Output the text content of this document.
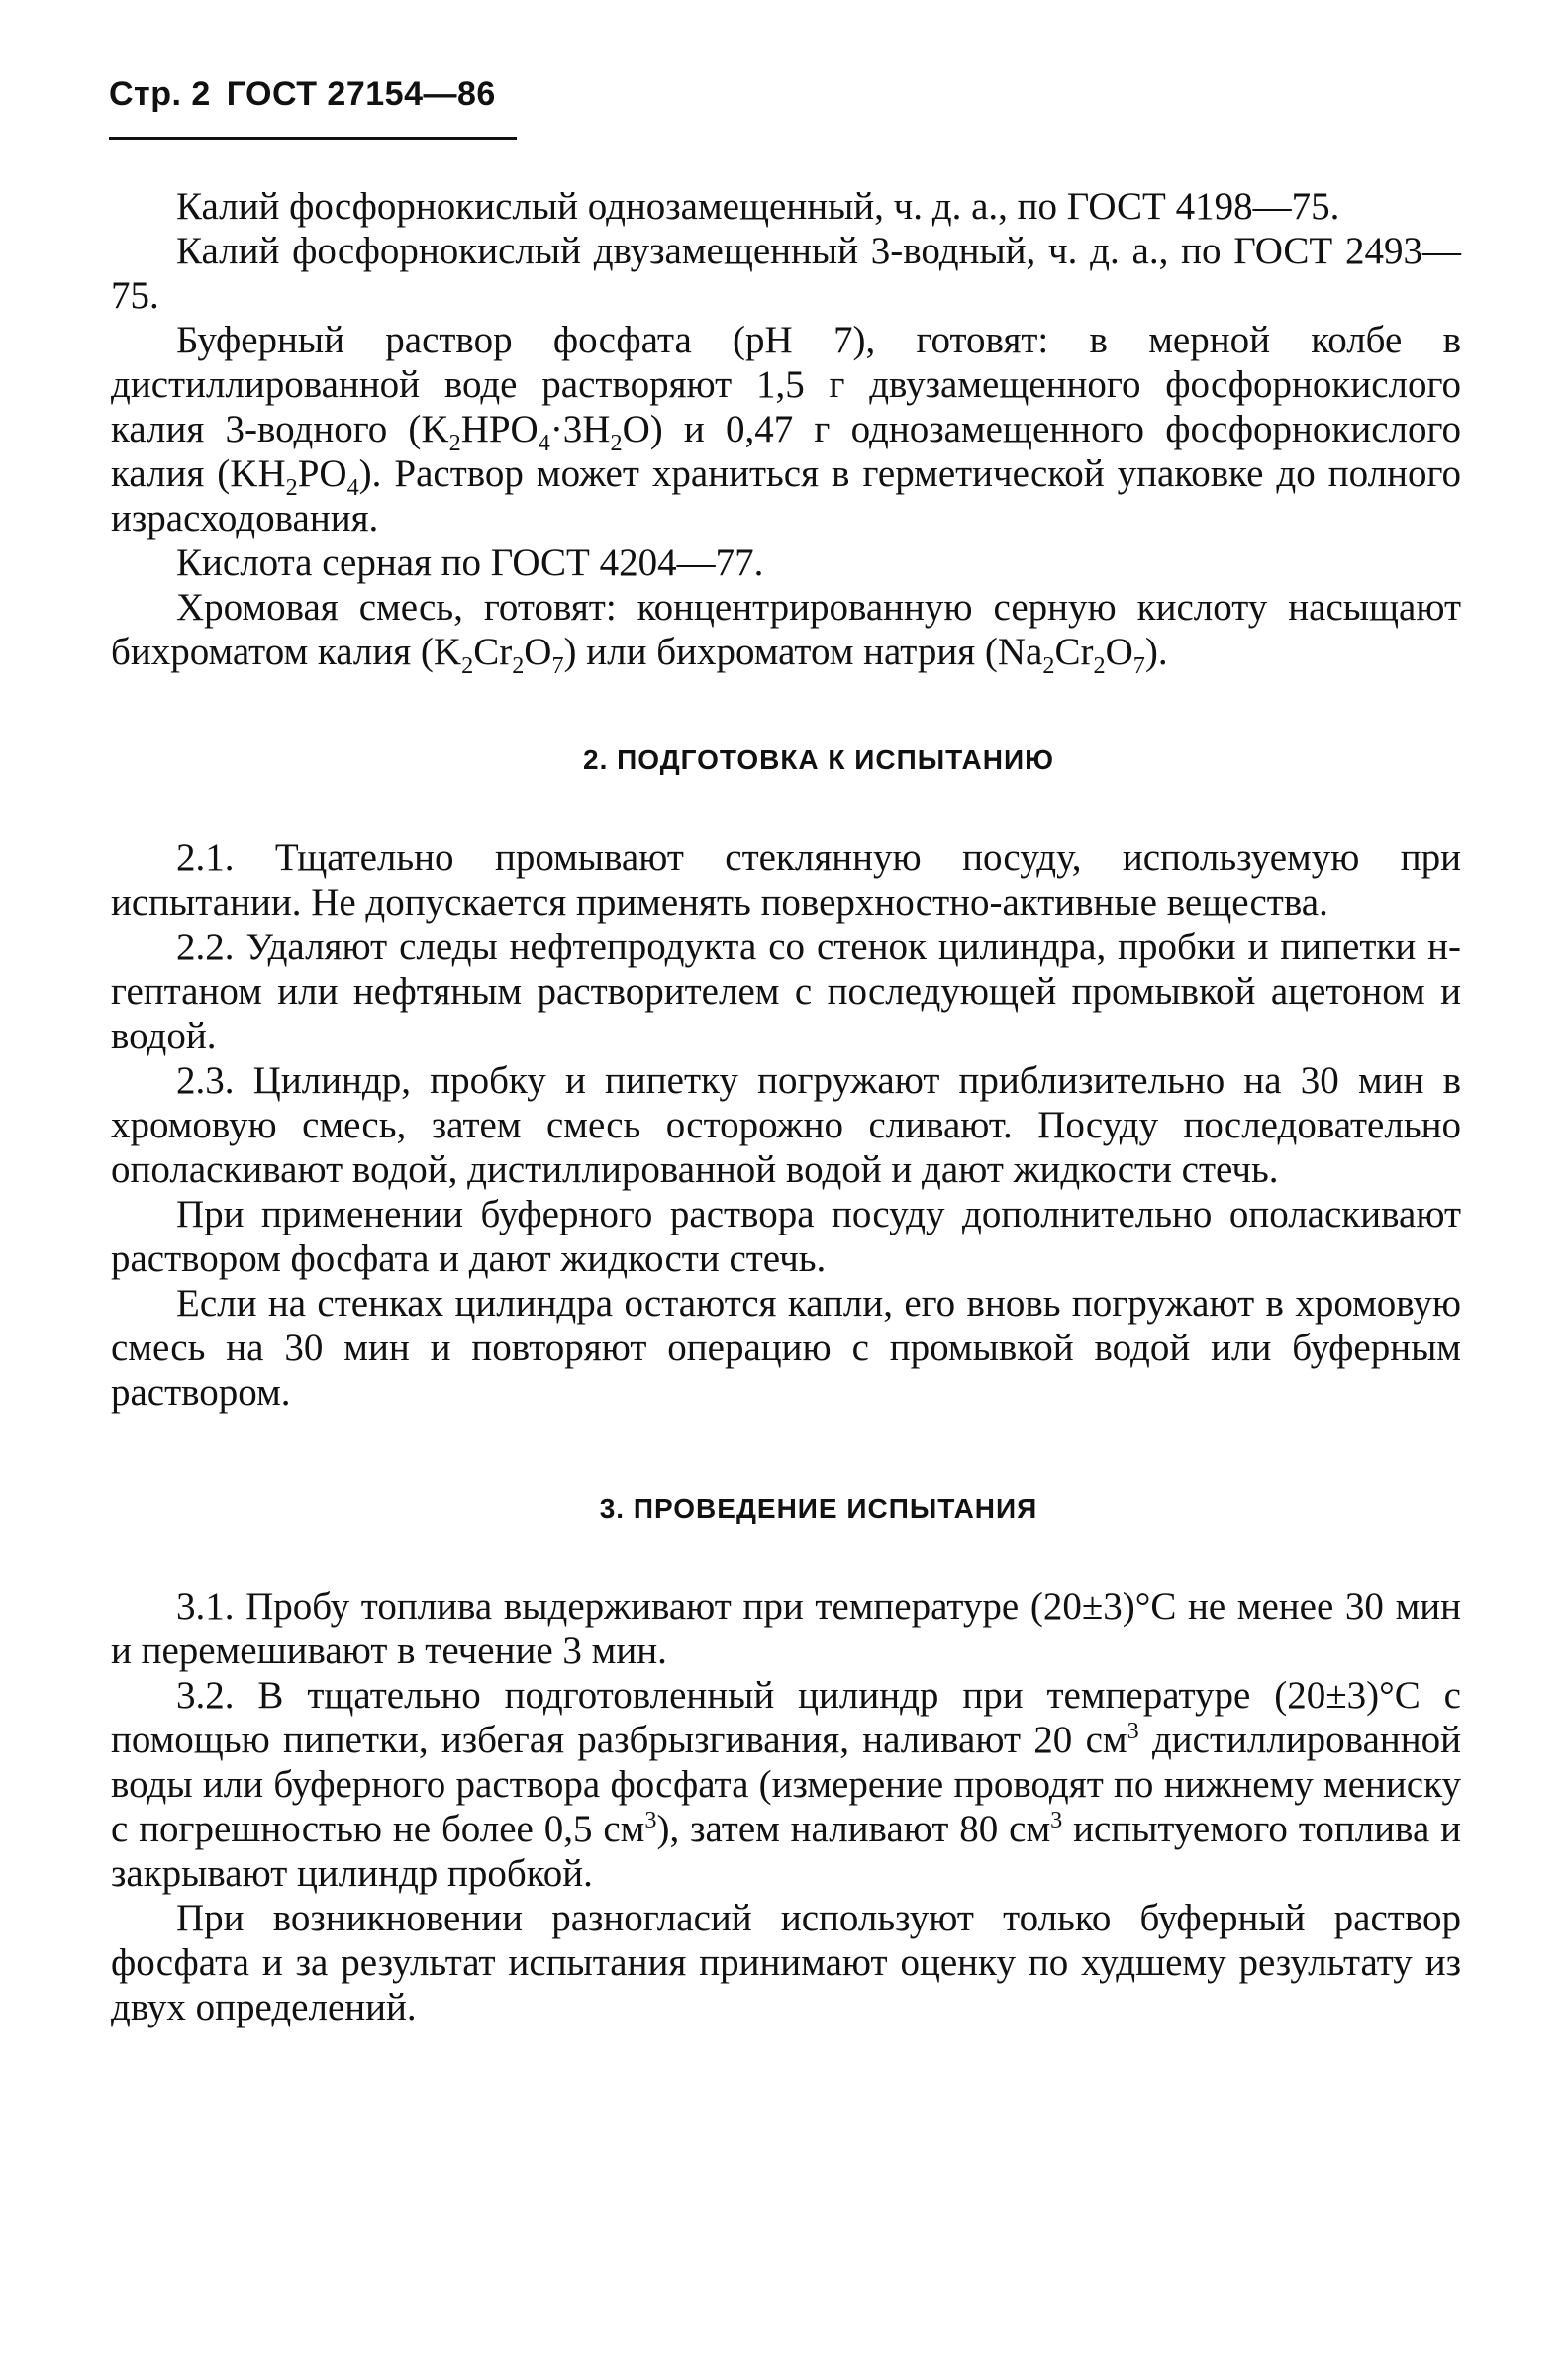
Стр. 2 ГОСТ 27154—86

Калий фосфорнокислый однозамещенный, ч. д. а., по ГОСТ 4198—75.

Калий фосфорнокислый двузамещенный 3-водный, ч. д. а., по ГОСТ 2493—75.

Буферный раствор фосфата (pH 7), готовят: в мерной колбе в дистиллированной воде растворяют 1,5 г двузамещенного фосфорнокислого калия 3-водного $(K_2HPO_4\cdot 3H_2O)$ и 0,47 г однозамещенного фосфорнокислого калия $(KH_2PO_4)$. Раствор может храниться в герметической упаковке до полного израсходования.

Кислота серная по ГОСТ 4204—77.

Хромовая смесь, готовят: концентрированную серную кислоту насыщают бихроматом калия $(K_2Cr_2O_7)$ или бихроматом натрия $(Na_2Cr_2O_7)$.

2. ПОДГОТОВКА К ИСПЫТАНИЮ

2.1. Тщательно промывают стеклянную посуду, используемую при испытании. Не допускается применять поверхностно-активные вещества.

2.2. Удаляют следы нефтепродукта со стенок цилиндра, пробки и пипетки н-гептаном или нефтяным растворителем с последующей промывкой ацетоном и водой.

2.3. Цилиндр, пробку и пипетку погружают приблизительно на 30 мин в хромовую смесь, затем смесь осторожно сливают. Посуду последовательно ополаскивают водой, дистиллированной водой и дают жидкости стечь.

При применении буферного раствора посуду дополнительно ополаскивают раствором фосфата и дают жидкости стечь.

Если на стенках цилиндра остаются капли, его вновь погружают в хромовую смесь на 30 мин и повторяют операцию с промывкой водой или буферным раствором.

3. ПРОВЕДЕНИЕ ИСПЫТАНИЯ

3.1. Пробу топлива выдерживают при температуре (20±3)°С не менее 30 мин и перемешивают в течение 3 мин.

3.2. В тщательно подготовленный цилиндр при температуре (20±3)°С с помощью пипетки, избегая разбрызгивания, наливают 20 $см^3$ дистиллированной воды или буферного раствора фосфата (измерение проводят по нижнему мениску с погрешностью не более 0,5 $см^3$), затем наливают 80 $см^3$ испытуемого топлива и закрывают цилиндр пробкой.

При возникновении разногласий используют только буферный раствор фосфата и за результат испытания принимают оценку по худшему результату из двух определений.
